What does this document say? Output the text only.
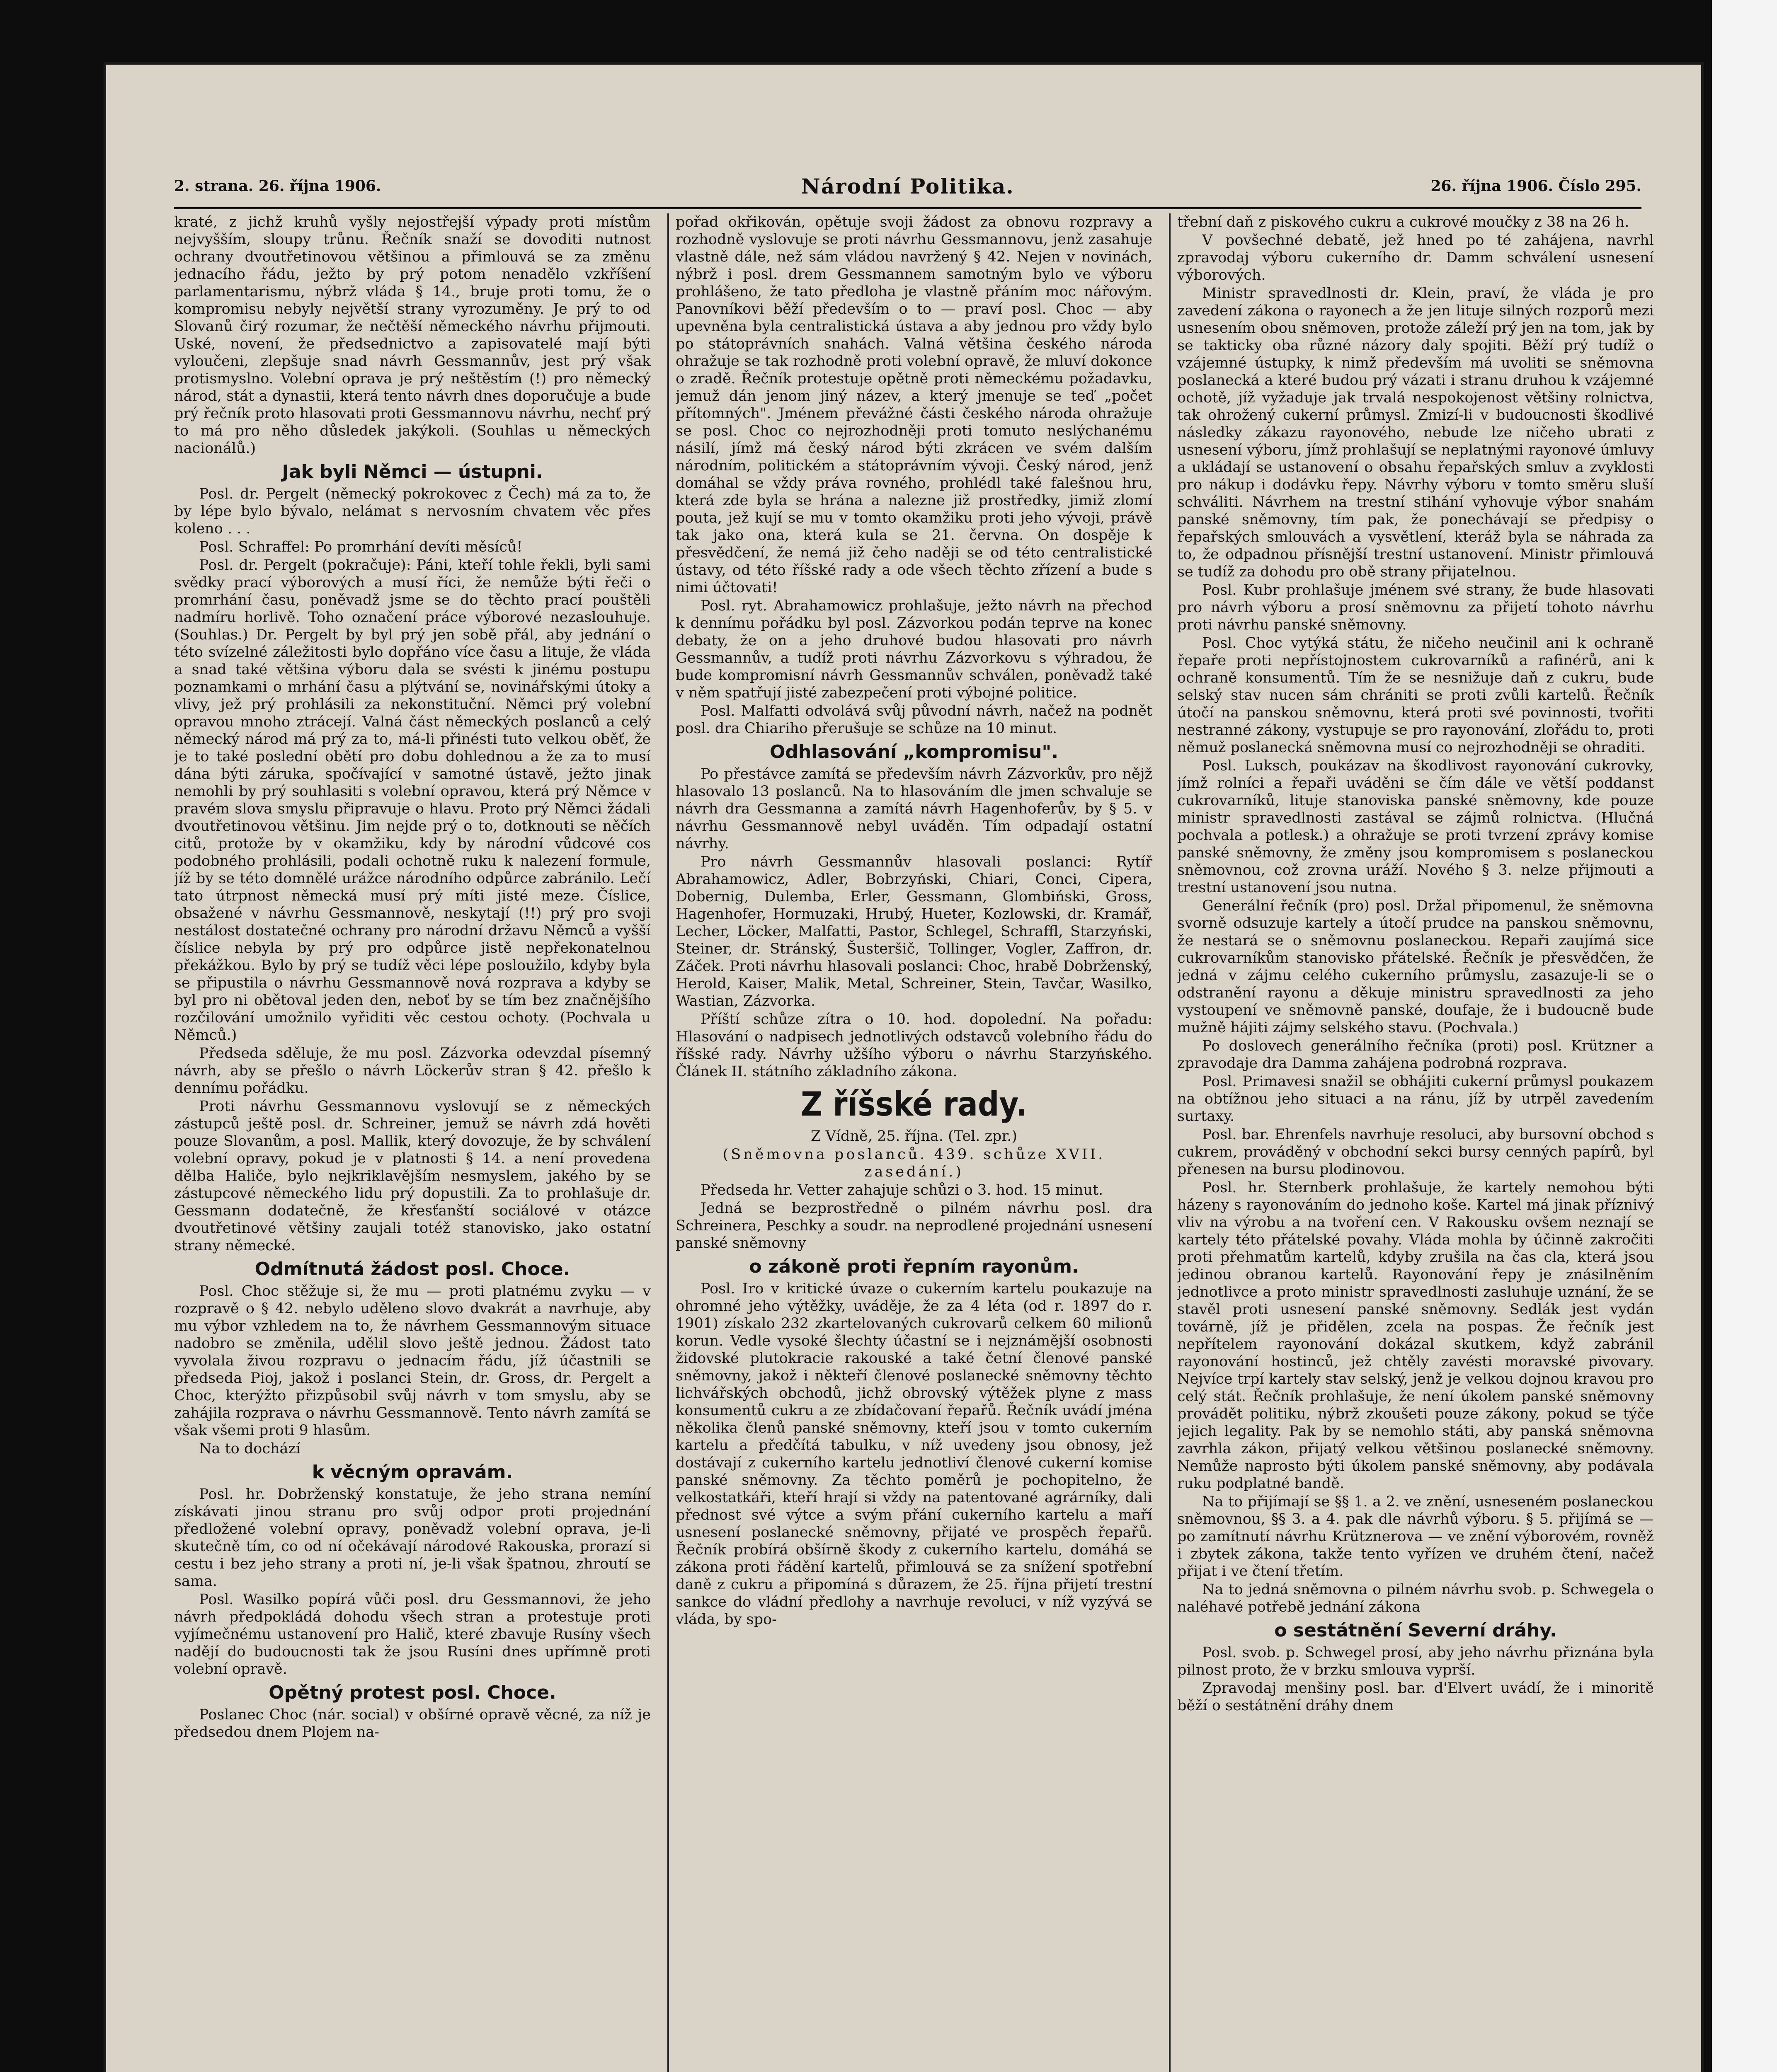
2. strana. 26. října 1906.	Národní Politika.	26. října 1906. Číslo 295.

kraté, z jichž kruhů vyšly nejostřejší výpady proti místům nejvyšším, sloupy trůnu. Řečník snaží se dovoditi nutnost ochrany dvoutřetinovou většinou a přimlouvá se za změnu jednacího řádu, ježto by prý potom nenadělo vzkříšení parlamentarismu, nýbrž vláda § 14., bruje proti tomu, že o kompromisu nebyly největší strany vyrozuměny. Je prý to od Slovanů čirý rozumar, že nečtěší německého návrhu přijmouti. Uské, novení, že předsednictvo a zapisovatelé mají býti vyloučeni, zlepšuje snad návrh Gessmannův, jest prý však protismyslno. Volební oprava je prý neštěstím (!) pro německý národ, stát a dynastii, která tento návrh dnes doporučuje a bude prý řečník proto hlasovati proti Gessmannovu návrhu, nechť prý to má pro něho důsledek jakýkoli. (Souhlas u německých nacionálů.)

Jak byli Němci — ústupni.

Posl. dr. Pergelt (německý pokrokovec z Čech) má za to, že by lépe bylo bývalo, nelámat s nervosním chvatem věc přes koleno . . .

Posl. Schraffel: Po promrhání devíti měsíců!

Posl. dr. Pergelt (pokračuje): Páni, kteří tohle řekli, byli sami svědky prací výborových a musí říci, že nemůže býti řeči o promrhání času, poněvadž jsme se do těchto prací pouštěli nadmíru horlivě. Toho označení práce výborové nezaslouhuje. (Souhlas.) Dr. Pergelt by byl prý jen sobě přál, aby jednání o této svízelné záležitosti bylo dopřáno více času a lituje, že vláda a snad také většina výboru dala se svésti k jinému postupu poznamkami o mrhání času a plýtvání se, novinářskými útoky a vlivy, jež prý prohlásili za nekonstituční. Němci prý volební opravou mnoho ztrácejí. Valná část německých poslanců a celý německý národ má prý za to, má-li přinésti tuto velkou oběť, že je to také poslední obětí pro dobu dohlednou a že za to musí dána býti záruka, spočívající v samotné ústavě, ježto jinak nemohli by prý souhlasiti s volební opravou, která prý Němce v pravém slova smyslu připravuje o hlavu. Proto prý Němci žádali dvoutřetinovou většinu. Jim nejde prý o to, dotknouti se něčích citů, protože by v okamžiku, kdy by národní vůdcové cos podobného prohlásili, podali ochotně ruku k nalezení formule, jíž by se této domnělé urážce národního odpůrce zabránilo. Lečí tato útrpnost německá musí prý míti jisté meze. Číslice, obsažené v návrhu Gessmannově, neskytají (!!) prý pro svoji nestálost dostatečné ochrany pro národní državu Němců a vyšší číslice nebyla by prý pro odpůrce jistě nepřekonatelnou překážkou. Bylo by prý se tudíž věci lépe posloužilo, kdyby byla se připustila o návrhu Gessmannově nová rozprava a kdyby se byl pro ni obětoval jeden den, neboť by se tím bez značnějšího rozčilování umožnilo vyřiditi věc cestou ochoty. (Pochvala u Němců.)

Předseda sděluje, že mu posl. Zázvorka odevzdal písemný návrh, aby se přešlo o návrh Löckerův stran § 42. přešlo k dennímu pořádku.

Proti návrhu Gessmannovu vyslovují se z německých zástupců ještě posl. dr. Schreiner, jemuž se návrh zdá hověti pouze Slovanům, a posl. Mallik, který dovozuje, že by schválení volební opravy, pokud je v platnosti § 14. a není provedena dělba Haliče, bylo nejkriklavějším nesmyslem, jakého by se zástupcové německého lidu prý dopustili. Za to prohlašuje dr. Gessmann dodatečně, že křesťanští sociálové v otázce dvoutřetinové většiny zaujali totéž stanovisko, jako ostatní strany německé.

Odmítnutá žádost posl. Choce.

Posl. Choc stěžuje si, že mu — proti platnému zvyku — v rozpravě o § 42. nebylo uděleno slovo dvakrát a navrhuje, aby mu výbor vzhledem na to, že návrhem Gessmannovým situace nadobro se změnila, udělil slovo ještě jednou. Žádost tato vyvolala živou rozpravu o jednacím řádu, jíž účastnili se předseda Pioj, jakož i poslanci Stein, dr. Gross, dr. Pergelt a Choc, kterýžto přizpůsobil svůj návrh v tom smyslu, aby se zahájila rozprava o návrhu Gessmannově. Tento návrh zamítá se však všemi proti 9 hlasům.

Na to dochází

k věcným opravám.

Posl. hr. Dobrženský konstatuje, že jeho strana nemíní získávati jinou stranu pro svůj odpor proti projednání předložené volební opravy, poněvadž volební oprava, je-li skutečně tím, co od ní očekávají národové Rakouska, prorazí si cestu i bez jeho strany a proti ní, je-li však špatnou, zhroutí se sama.

Posl. Wasilko popírá vůči posl. dru Gessmannovi, že jeho návrh předpokládá dohodu všech stran a protestuje proti vyjímečnému ustanovení pro Halič, které zbavuje Rusíny všech nadějí do budoucnosti tak že jsou Rusíni dnes upřímně proti volební opravě.

Opětný protest posl. Choce.

Poslanec Choc (nár. social) v obšírné opravě věcné, za níž je předsedou dnem Plojem na-

pořad okřikován, opětuje svoji žádost za obnovu rozpravy a rozhodně vyslovuje se proti návrhu Gessmannovu, jenž zasahuje vlastně dále, než sám vládou navržený § 42. Nejen v novinách, nýbrž i posl. drem Gessmannem samotným bylo ve výboru prohlášeno, že tato předloha je vlastně přáním moc nářovým. Panovníkovi běží především o to — praví posl. Choc — aby upevněna byla centralistická ústava a aby jednou pro vždy bylo po státoprávních snahách. Valná většina českého národa ohražuje se tak rozhodně proti volební opravě, že mluví dokonce o zradě. Řečník protestuje opětně proti německému požadavku, jemuž dán jenom jiný název, a který jmenuje se teď „počet přítomných". Jménem převážné části českého národa ohražuje se posl. Choc co nejrozhodněji proti tomuto neslýchanému násilí, jímž má český národ býti zkrácen ve svém dalším národním, politickém a státoprávním vývoji. Český národ, jenž domáhal se vždy práva rovného, prohlédl také falešnou hru, která zde byla se hrána a nalezne již prostředky, jimiž zlomí pouta, jež kují se mu v tomto okamžiku proti jeho vývoji, právě tak jako ona, která kula se 21. června. On dospěje k přesvědčení, že nemá již čeho naději se od této centralistické ústavy, od této říšské rady a ode všech těchto zřízení a bude s nimi účtovati!

Posl. ryt. Abrahamowicz prohlašuje, ježto návrh na přechod k dennímu pořádku byl posl. Zázvorkou podán teprve na konec debaty, že on a jeho druhové budou hlasovati pro návrh Gessmannův, a tudíž proti návrhu Zázvorkovu s výhradou, že bude kompromisní návrh Gessmannův schválen, poněvadž také v něm spatřují jisté zabezpečení proti výbojné politice.

Posl. Malfatti odvolává svůj původní návrh, načež na podnět posl. dra Chiariho přerušuje se schůze na 10 minut.

Odhlasování „kompromisu".

Po přestávce zamítá se především návrh Zázvorkův, pro nějž hlasovalo 13 poslanců. Na to hlasováním dle jmen schvaluje se návrh dra Gessmanna a zamítá návrh Hagenhoferův, by § 5. v návrhu Gessmannově nebyl uváděn. Tím odpadají ostatní návrhy.

Pro návrh Gessmannův hlasovali poslanci: Rytíř Abrahamowicz, Adler, Bobrzyński, Chiari, Conci, Cipera, Dobernig, Dulemba, Erler, Gessmann, Glombiński, Gross, Hagenhofer, Hormuzaki, Hrubý, Hueter, Kozlowski, dr. Kramář, Lecher, Löcker, Malfatti, Pastor, Schlegel, Schraffl, Starzyński, Steiner, dr. Stránský, Šusteršič, Tollinger, Vogler, Zaffron, dr. Záček. Proti návrhu hlasovali poslanci: Choc, hrabě Dobrženský, Herold, Kaiser, Malik, Metal, Schreiner, Stein, Tavčar, Wasilko, Wastian, Zázvorka.

Příští schůze zítra o 10. hod. dopolední. Na pořadu: Hlasování o nadpisech jednotlivých odstavců volebního řádu do říšské rady. Návrhy užšího výboru o návrhu Starzyńského. Článek II. státního základního zákona.

Z říšské rady.

Z Vídně, 25. října. (Tel. zpr.)

(Sněmovna poslanců. 439. schůze XVII. zasedání.)

Předseda hr. Vetter zahajuje schůzi o 3. hod. 15 minut.

Jedná se bezprostředně o pilném návrhu posl. dra Schreinera, Peschky a soudr. na neprodlené projednání usnesení panské sněmovny

o zákoně proti řepním rayonům.

Posl. Iro v kritické úvaze o cukerním kartelu poukazuje na ohromné jeho výtěžky, uváděje, že za 4 léta (od r. 1897 do r. 1901) získalo 232 zkartelovaných cukrovarů celkem 60 milionů korun. Vedle vysoké šlechty účastní se i nejznámější osobnosti židovské plutokracie rakouské a také četní členové panské sněmovny, jakož i někteří členové poslanecké sněmovny těchto lichvářských obchodů, jichž obrovský výtěžek plyne z mass konsumentů cukru a ze zbídačovaní řepařů. Řečník uvádí jména několika členů panské sněmovny, kteří jsou v tomto cukerním kartelu a předčítá tabulku, v níž uvedeny jsou obnosy, jež dostávají z cukerního kartelu jednotliví členové cukerní komise panské sněmovny. Za těchto poměrů je pochopitelno, že velkostatkáři, kteří hrají si vždy na patentované agrárníky, dali přednost své výtce a svým přání cukerního kartelu a maří usnesení poslanecké sněmovny, přijaté ve prospěch řepařů. Řečník probírá obšírně škody z cukerního kartelu, domáhá se zákona proti řádění kartelů, přimlouvá se za snížení spotřební daně z cukru a připomíná s důrazem, že 25. října přijetí trestní sankce do vládní předlohy a navrhuje revoluci, v níž vyzývá se vláda, by spo-

třební daň z piskového cukru a cukrové moučky z 38 na 26 h.

V povšechné debatě, jež hned po té zahájena, navrhl zpravodaj výboru cukerního dr. Damm schválení usnesení výborových.

Ministr spravedlnosti dr. Klein, praví, že vláda je pro zavedení zákona o rayonech a že jen lituje silných rozporů mezi usnesením obou sněmoven, protože záleží prý jen na tom, jak by se takticky oba různé názory daly spojiti. Běží prý tudíž o vzájemné ústupky, k nimž především má uvoliti se sněmovna poslanecká a které budou prý vázati i stranu druhou k vzájemné ochotě, jíž vyžaduje jak trvalá nespokojenost většiny rolnictva, tak ohrožený cukerní průmysl. Zmizí-li v budoucnosti škodlivé následky zákazu rayonového, nebude lze ničeho ubrati z usnesení výboru, jímž prohlašují se neplatnými rayonové úmluvy a ukládají se ustanovení o obsahu řepařských smluv a zvyklosti pro nákup i dodávku řepy. Návrhy výboru v tomto směru sluší schváliti. Návrhem na trestní stihání vyhovuje výbor snahám panské sněmovny, tím pak, že ponechávají se předpisy o řepařských smlouvách a vysvětlení, kteráž byla se náhrada za to, že odpadnou přísnější trestní ustanovení. Ministr přimlouvá se tudíž za dohodu pro obě strany přijatelnou.

Posl. Kubr prohlašuje jménem své strany, že bude hlasovati pro návrh výboru a prosí sněmovnu za přijetí tohoto návrhu proti návrhu panské sněmovny.

Posl. Choc vytýká státu, že ničeho neučinil ani k ochraně řepaře proti nepřístojnostem cukrovarníků a rafinérů, ani k ochraně konsumentů. Tím že se nesnižuje daň z cukru, bude selský stav nucen sám chrániti se proti zvůli kartelů. Řečník útočí na panskou sněmovnu, která proti své povinnosti, tvořiti nestranné zákony, vystupuje se pro rayonování, zlořádu to, proti němuž poslanecká sněmovna musí co nejrozhodněji se ohraditi.

Posl. Luksch, poukázav na škodlivost rayonování cukrovky, jímž rolníci a řepaři uváděni se čím dále ve větší poddanst cukrovarníků, lituje stanoviska panské sněmovny, kde pouze ministr spravedlnosti zastával se zájmů rolnictva. (Hlučná pochvala a potlesk.) a ohražuje se proti tvrzení zprávy komise panské sněmovny, že změny jsou kompromisem s poslaneckou sněmovnou, což zrovna uráží. Nového § 3. nelze přijmouti a trestní ustanovení jsou nutna.

Generální řečník (pro) posl. Držal připomenul, že sněmovna svorně odsuzuje kartely a útočí prudce na panskou sněmovnu, že nestará se o sněmovnu poslaneckou. Repaři zaujímá sice cukrovarníkům stanovisko přátelské. Řečník je přesvědčen, že jedná v zájmu celého cukerního průmyslu, zasazuje-li se o odstranění rayonu a děkuje ministru spravedlnosti za jeho vystoupení ve sněmovně panské, doufaje, že i budoucně bude mužně hájiti zájmy selského stavu. (Pochvala.)

Po doslovech generálního řečníka (proti) posl. Krützner a zpravodaje dra Damma zahájena podrobná rozprava.

Posl. Primavesi snažil se obhájiti cukerní průmysl poukazem na obtížnou jeho situaci a na ránu, jíž by utrpěl zavedením surtaxy.

Posl. bar. Ehrenfels navrhuje resoluci, aby bursovní obchod s cukrem, prováděný v obchodní sekci bursy cenných papírů, byl přenesen na bursu plodinovou.

Posl. hr. Sternberk prohlašuje, že kartely nemohou býti házeny s rayonováním do jednoho koše. Kartel má jinak příznivý vliv na výrobu a na tvoření cen. V Rakousku ovšem neznají se kartely této přátelské povahy. Vláda mohla by účinně zakročiti proti přehmatům kartelů, kdyby zrušila na čas cla, která jsou jedinou obranou kartelů. Rayonování řepy je znásilněním jednotlivce a proto ministr spravedlnosti zasluhuje uznání, že se stavěl proti usnesení panské sněmovny. Sedlák jest vydán továrně, jíž je přidělen, zcela na pospas. Že řečník jest nepřítelem rayonování dokázal skutkem, když zabránil rayonování hostinců, jež chtěly zavésti moravské pivovary. Nejvíce trpí kartely stav selský, jenž je velkou dojnou kravou pro celý stát. Řečník prohlašuje, že není úkolem panské sněmovny provádět politiku, nýbrž zkoušeti pouze zákony, pokud se týče jejich legality. Pak by se nemohlo státi, aby panská sněmovna zavrhla zákon, přijatý velkou většinou poslanecké sněmovny. Nemůže naprosto býti úkolem panské sněmovny, aby podávala ruku podplatné bandě.

Na to přijímají se §§ 1. a 2. ve znění, usneseném poslaneckou sněmovnou, §§ 3. a 4. pak dle návrhů výboru. § 5. přijímá se — po zamítnutí návrhu Krütznerova — ve znění výborovém, rovněž i zbytek zákona, takže tento vyřízen ve druhém čtení, načež přijat i ve čtení třetím.

Na to jedná sněmovna o pilném návrhu svob. p. Schwegela o naléhavé potřebě jednání zákona

o sestátnění Severní dráhy.

Posl. svob. p. Schwegel prosí, aby jeho návrhu přiznána byla pilnost proto, že v brzku smlouva vyprší.

Zpravodaj menšiny posl. bar. d'Elvert uvádí, že i minoritě běží o sestátnění dráhy dnem
